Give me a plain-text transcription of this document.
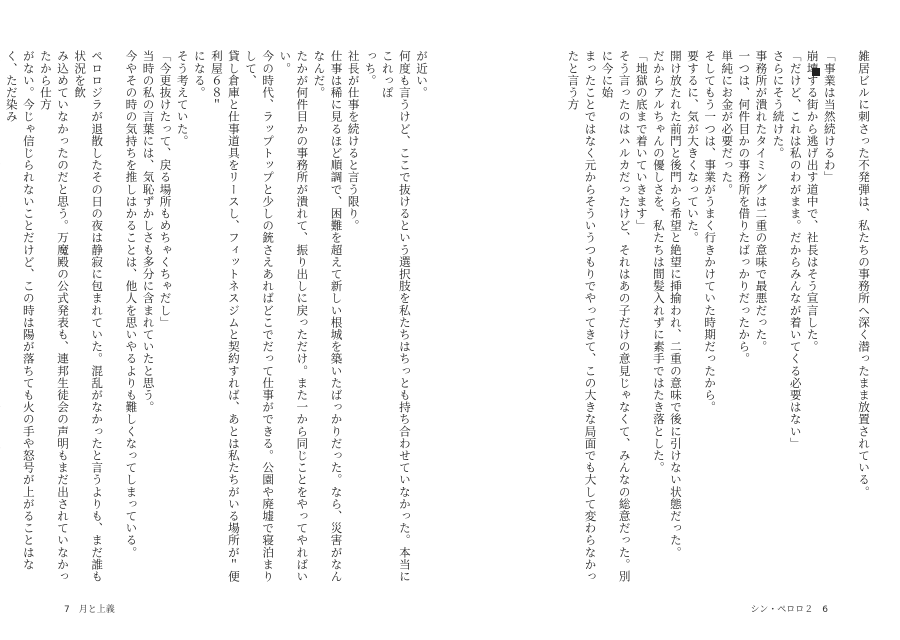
雑居ビルに刺さった不発弾は、私たちの事務所へ深く潜ったまま放置されている。

「事業は当然続けるわ」

崩壊する街から逃げ出す道中で、社長はそう宣言した。

「だけど、これは私のわがまま。だからみんなが着いてくる必要はない」

さらにそう続けた。

事務所が潰れたタイミングは二重の意味で最悪だった。

一つは、何件目かの事務所を借りたばっかりだったから。

単純にお金が必要だった。

そしてもう一つは、事業がうまく行きかけていた時期だったから。

要するに、気が大きくなっていた。

開け放たれた前門と後門から希望と絶望に挿揄われ、二重の意味で後に引けない状態だった。

だからアルちゃんの優しさを、私たちは間髪入れずに素手ではたき落とした。

「地獄の底まで着いていきます」

そう言ったのはハルカだったけど、それはあの子だけの意見じゃなくて、みんなの総意だった。別に今に始

まったことではなく元からそういうつもりでやってきて、この大きな局面でも大して変わらなかったと言う方

が近い。

何度も言うけど、ここで抜けるという選択肢を私たちはちっとも持ち合わせていなかった。本当にこれっぽ

っち。

社長が仕事を続けると言う限り。

仕事は稀に見るほど順調で、困難を超えて新しい根城を築いたばっかりだった。なら、災害がなんなんだ。

たかが何件目かの事務所が潰れて、振り出しに戻っただけ。また一から同じことをやってやればいい。

今の時代、ラップトップと少しの銃さえあればどこでだって仕事ができる。公園や廃墟で寝泊まりして、

貸し倉庫と仕事道具をリースし、フィットネスジムと契約すれば、あとは私たちがいる場所が＂便利屋６８＂

になる。

そう考えていた。

「今更抜けたって、戻る場所もめちゃくちゃだし」

当時の私の言葉には、気恥ずかしさも多分に含まれていたと思う。

今やその時の気持ちを推しはかることは、他人を思いやるよりも難しくなってしまっている。

ペロロジラが退散したその日の夜は静寂に包まれていた。混乱がなかったと言うよりも、まだ誰も状況を飲

み込めていなかったのだと思う。万魔殿の公式発表も、連邦生徒会の声明もまだ出されていなかったから仕方

がない。今じゃ信じられないことだけど、この時は陽が落ちても火の手や怒号が上がることはなく、ただ染み

7　月と上義	シン・ペロロ２　6
